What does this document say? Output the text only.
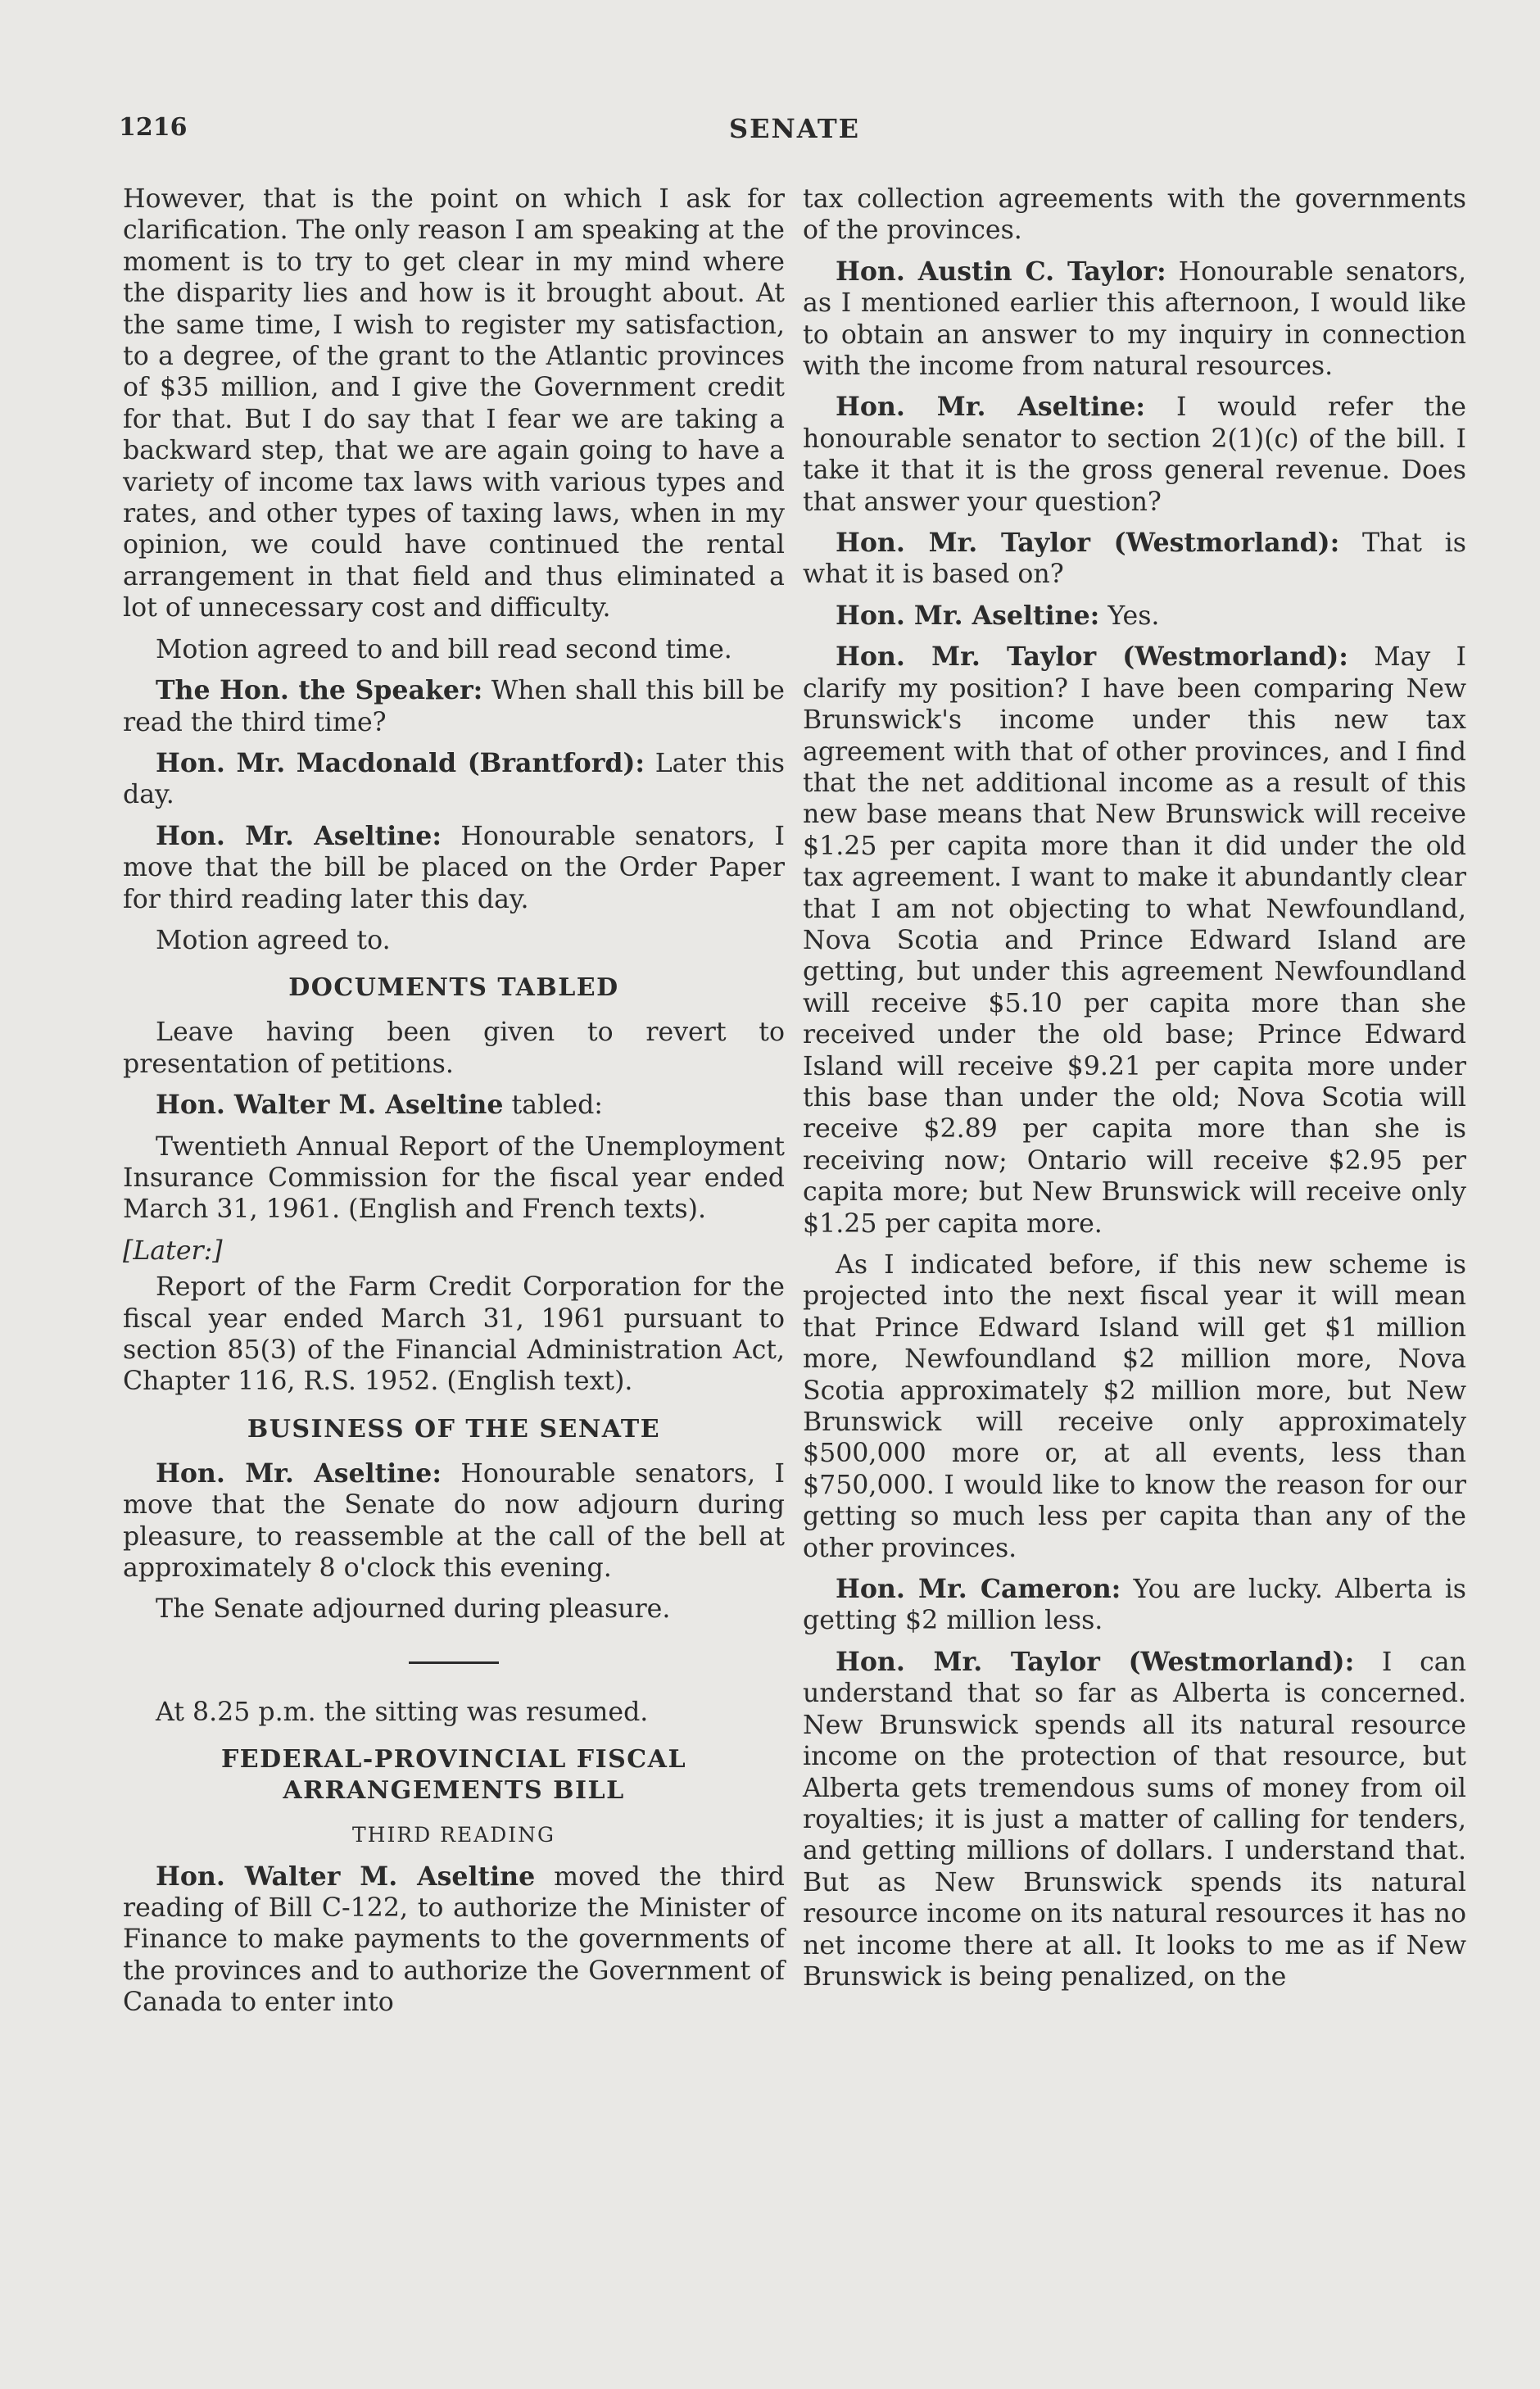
1216	SENATE

However, that is the point on which I ask for clarification. The only reason I am speaking at the moment is to try to get clear in my mind where the disparity lies and how is it brought about. At the same time, I wish to register my satisfaction, to a degree, of the grant to the Atlantic provinces of $35 million, and I give the Government credit for that. But I do say that I fear we are taking a backward step, that we are again going to have a variety of income tax laws with various types and rates, and other types of taxing laws, when in my opinion, we could have continued the rental arrangement in that field and thus eliminated a lot of unnecessary cost and difficulty.

Motion agreed to and bill read second time.

The Hon. the Speaker: When shall this bill be read the third time?

Hon. Mr. Macdonald (Brantford): Later this day.

Hon. Mr. Aseltine: Honourable senators, I move that the bill be placed on the Order Paper for third reading later this day.

Motion agreed to.

DOCUMENTS TABLED

Leave having been given to revert to presentation of petitions.

Hon. Walter M. Aseltine tabled:

Twentieth Annual Report of the Unemployment Insurance Commission for the fiscal year ended March 31, 1961. (English and French texts).

[Later:]

Report of the Farm Credit Corporation for the fiscal year ended March 31, 1961 pursuant to section 85(3) of the Financial Administration Act, Chapter 116, R.S. 1952. (English text).

BUSINESS OF THE SENATE

Hon. Mr. Aseltine: Honourable senators, I move that the Senate do now adjourn during pleasure, to reassemble at the call of the bell at approximately 8 o'clock this evening.

The Senate adjourned during pleasure.

At 8.25 p.m. the sitting was resumed.

FEDERAL-PROVINCIAL FISCAL ARRANGEMENTS BILL
THIRD READING

Hon. Walter M. Aseltine moved the third reading of Bill C-122, to authorize the Minister of Finance to make payments to the governments of the provinces and to authorize the Government of Canada to enter into

tax collection agreements with the governments of the provinces.

Hon. Austin C. Taylor: Honourable senators, as I mentioned earlier this afternoon, I would like to obtain an answer to my inquiry in connection with the income from natural resources.

Hon. Mr. Aseltine: I would refer the honourable senator to section 2(1)(c) of the bill. I take it that it is the gross general revenue. Does that answer your question?

Hon. Mr. Taylor (Westmorland): That is what it is based on?

Hon. Mr. Aseltine: Yes.

Hon. Mr. Taylor (Westmorland): May I clarify my position? I have been comparing New Brunswick's income under this new tax agreement with that of other provinces, and I find that the net additional income as a result of this new base means that New Brunswick will receive $1.25 per capita more than it did under the old tax agreement. I want to make it abundantly clear that I am not objecting to what Newfoundland, Nova Scotia and Prince Edward Island are getting, but under this agreement Newfoundland will receive $5.10 per capita more than she received under the old base; Prince Edward Island will receive $9.21 per capita more under this base than under the old; Nova Scotia will receive $2.89 per capita more than she is receiving now; Ontario will receive $2.95 per capita more; but New Brunswick will receive only $1.25 per capita more.

As I indicated before, if this new scheme is projected into the next fiscal year it will mean that Prince Edward Island will get $1 million more, Newfoundland $2 million more, Nova Scotia approximately $2 million more, but New Brunswick will receive only approximately $500,000 more or, at all events, less than $750,000. I would like to know the reason for our getting so much less per capita than any of the other provinces.

Hon. Mr. Cameron: You are lucky. Alberta is getting $2 million less.

Hon. Mr. Taylor (Westmorland): I can understand that so far as Alberta is concerned. New Brunswick spends all its natural resource income on the protection of that resource, but Alberta gets tremendous sums of money from oil royalties; it is just a matter of calling for tenders, and getting millions of dollars. I understand that. But as New Brunswick spends its natural resource income on its natural resources it has no net income there at all. It looks to me as if New Brunswick is being penalized, on the
